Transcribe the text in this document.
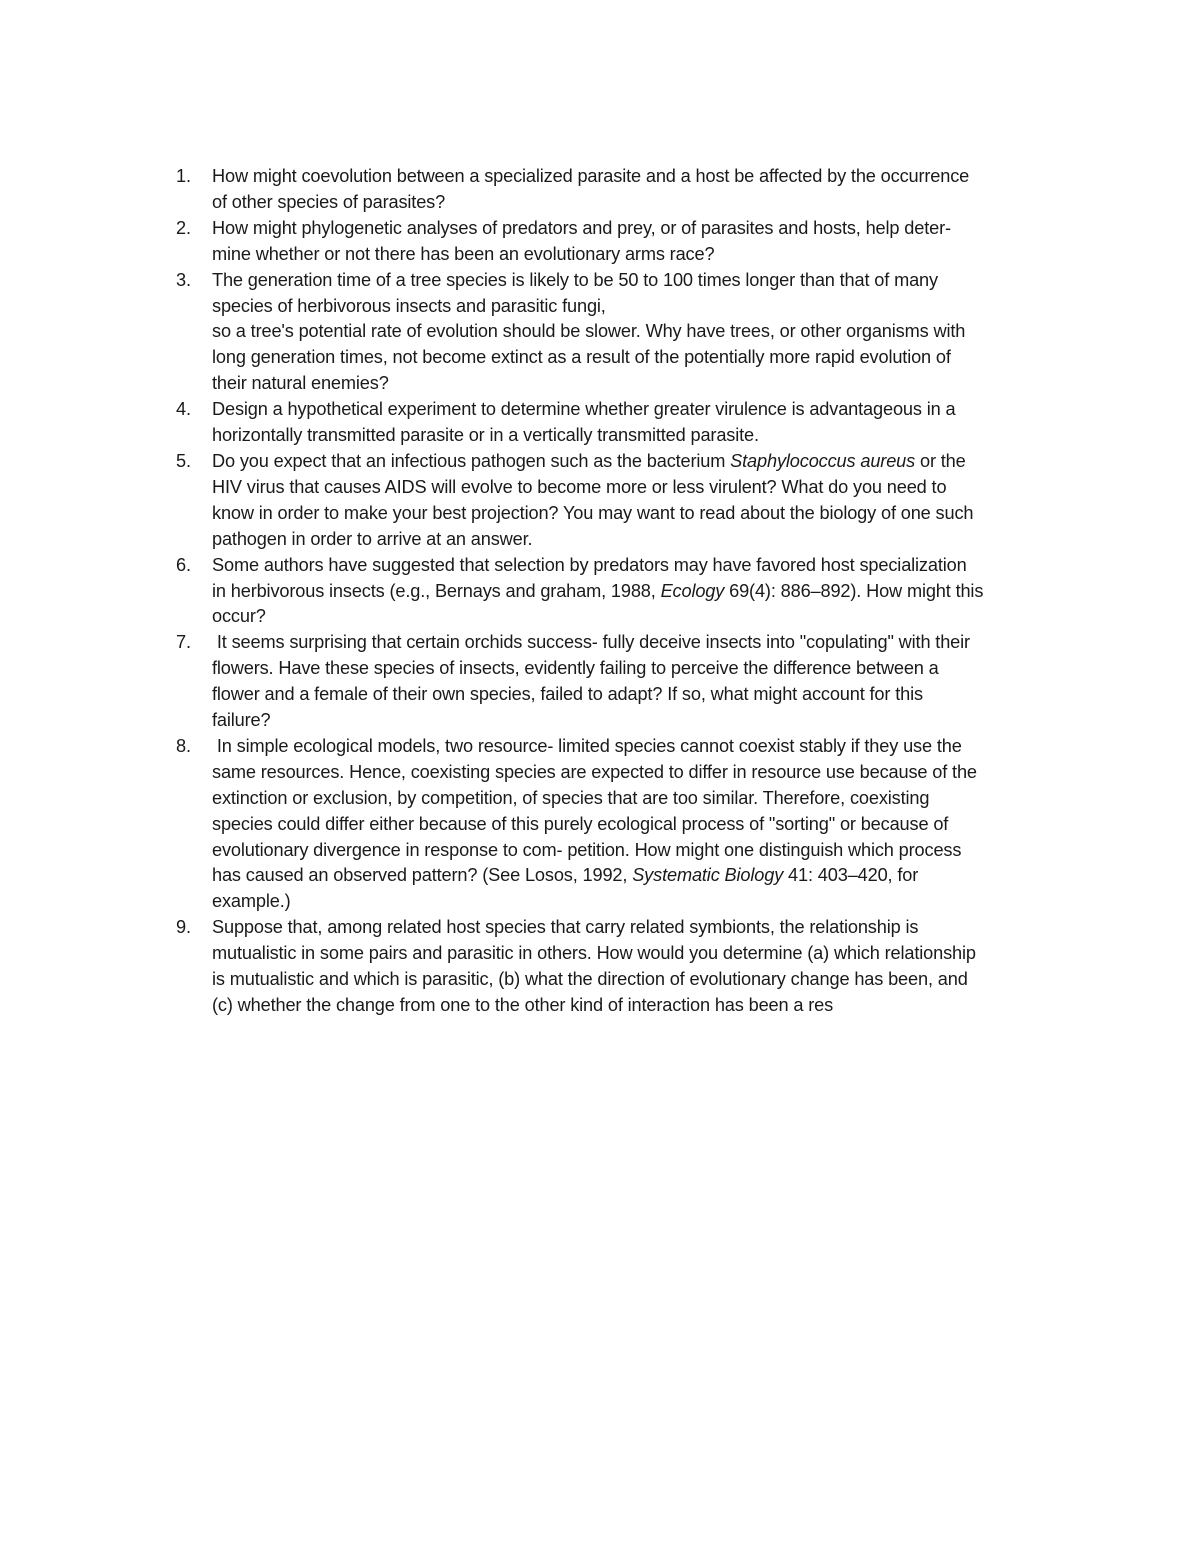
1.	How might coevolution between a specialized parasite and a host be affected by the occurrence
of other species of parasites?
2.	How might phylogenetic analyses of predators and prey, or of parasites and hosts, help deter-
mine whether or not there has been an evolutionary arms race?
3.	The generation time of a tree species is likely to be 50 to 100 times longer than that of many
species of herbivorous insects and parasitic fungi,
so a tree's potential rate of evolution should be slower. Why have trees, or other organisms with
long generation times, not become extinct as a result of the potentially more rapid evolution of
their natural enemies?
4.	Design a hypothetical experiment to determine whether greater virulence is advantageous in a
horizontally transmitted parasite or in a vertically transmitted parasite.
5.	Do you expect that an infectious pathogen such as the bacterium Staphylococcus aureus or the
HIV virus that causes AIDS will evolve to become more or less virulent? What do you need to
know in order to make your best projection? You may want to read about the biology of one such
pathogen in order to arrive at an answer.
6.	Some authors have suggested that selection by predators may have favored host specialization
in herbivorous insects (e.g., Bernays and graham, 1988, Ecology 69(4): 886–892). How might this
occur?
7.	It seems surprising that certain orchids success- fully deceive insects into "copulating" with their
flowers. Have these species of insects, evidently failing to perceive the difference between a
flower and a female of their own species, failed to adapt? If so, what might account for this
failure?
8.	In simple ecological models, two resource- limited species cannot coexist stably if they use the
same resources. Hence, coexisting species are expected to differ in resource use because of the
extinction or exclusion, by competition, of species that are too similar. Therefore, coexisting
species could differ either because of this purely ecological process of "sorting" or because of
evolutionary divergence in response to com- petition. How might one distinguish which process
has caused an observed pattern? (See Losos, 1992, Systematic Biology 41: 403–420, for
example.)
9.	Suppose that, among related host species that carry related symbionts, the relationship is
mutualistic in some pairs and parasitic in others. How would you determine (a) which relationship
is mutualistic and which is parasitic, (b) what the direction of evolutionary change has been, and
(c) whether the change from one to the other kind of interaction has been a res
